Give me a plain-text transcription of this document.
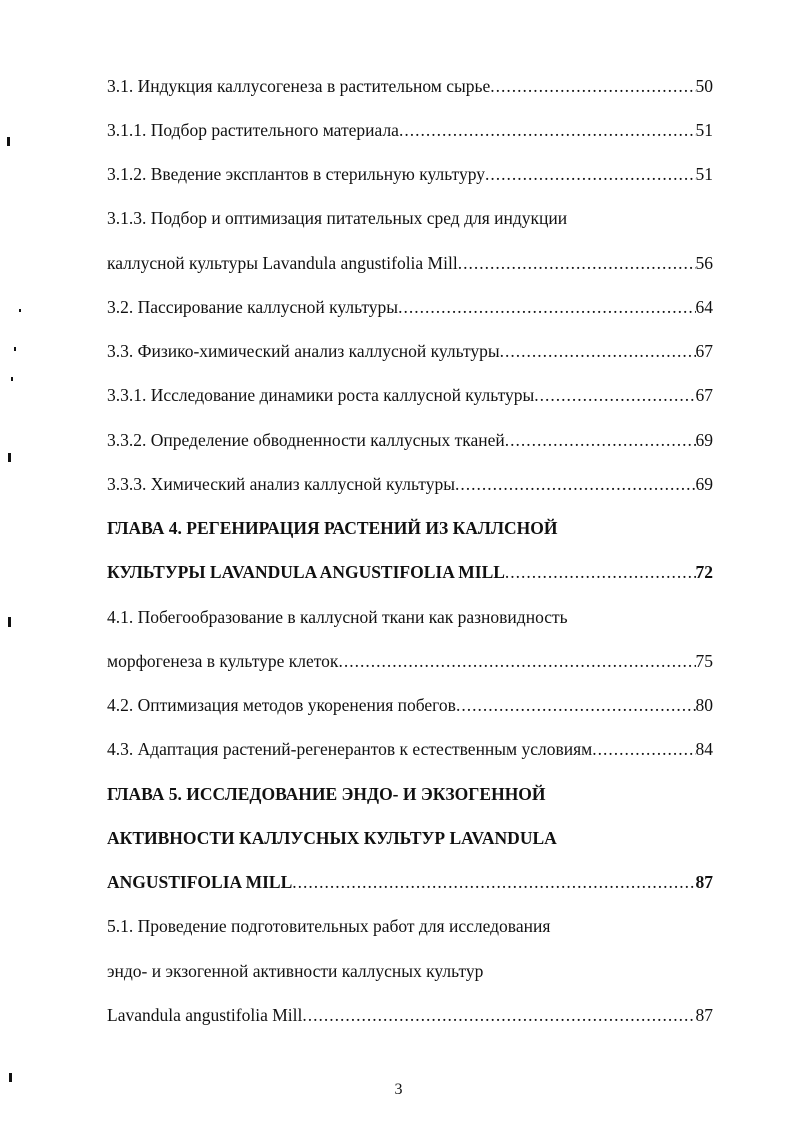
3.1. Индукция каллусогенеза в растительном сырье .....	50
3.1.1. Подбор растительного материала .....	51
3.1.2. Введение эксплантов в стерильную культуру .....	51
3.1.3. Подбор и оптимизация питательных сред для индукции
каллусной культуры Lavandula angustifolia Mill .....	56
3.2. Пассирование каллусной культуры .....	64
3.3. Физико-химический анализ каллусной культуры .....	67
3.3.1. Исследование динамики роста каллусной культуры .....	67
3.3.2. Определение обводненности каллусных тканей .....	69
3.3.3. Химический анализ каллусной культуры .....	69
ГЛАВА 4. РЕГЕНИРАЦИЯ РАСТЕНИЙ ИЗ КАЛЛСНОЙ
КУЛЬТУРЫ LAVANDULA ANGUSTIFOLIA MILL .....	72
4.1. Побегообразование в каллусной ткани как разновидность
морфогенеза в культуре клеток .....	75
4.2. Оптимизация методов укоренения побегов .....	80
4.3. Адаптация растений-регенерантов к естественным условиям .....	84
ГЛАВА 5. ИССЛЕДОВАНИЕ ЭНДО- И ЭКЗОГЕННОЙ
АКТИВНОСТИ КАЛЛУСНЫХ КУЛЬТУР LAVANDULA
ANGUSTIFOLIA MILL .....	87
5.1. Проведение подготовительных работ для исследования
эндо- и экзогенной активности каллусных культур
Lavandula angustifolia Mill .....	87
3
